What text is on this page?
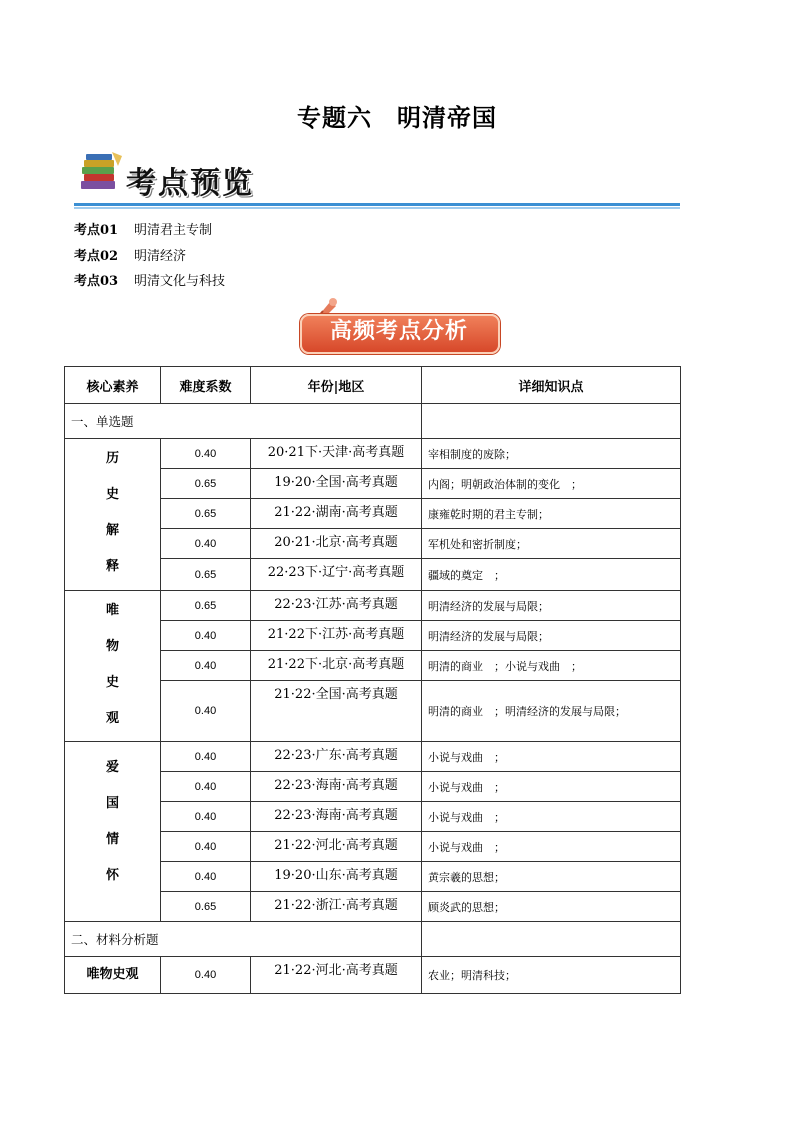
专题六　明清帝国
考点预览
考点01 明清君主专制
考点02 明清经济
考点03 明清文化与科技
高频考点分析
核心素养	难度系数	年份|地区	详细知识点
一、单选题			

历
史
解
释	0.40	20·21下·天津·高考真题	宰相制度的废除；
	0.65	19·20·全国·高考真题	内阁；明朝政治体制的变化　；
	0.65	21·22·湖南·高考真题	康雍乾时期的君主专制；
	0.40	20·21·北京·高考真题	军机处和密折制度；
	0.65	22·23下·辽宁·高考真题	疆域的奠定　；

唯
物
史
观	0.65	22·23·江苏·高考真题	明清经济的发展与局限；
	0.40	21·22下·江苏·高考真题	明清经济的发展与局限；
	0.40	21·22下·北京·高考真题	明清的商业　；小说与戏曲　；
	0.40	21·22·全国·高考真题	明清的商业　；明清经济的发展与局限；

爱
国
情
怀	0.40	22·23·广东·高考真题	小说与戏曲　；
	0.40	22·23·海南·高考真题	小说与戏曲　；
	0.40	22·23·海南·高考真题	小说与戏曲　；
	0.40	21·22·河北·高考真题	小说与戏曲　；
	0.40	19·20·山东·高考真题	黄宗羲的思想；
	0.65	21·22·浙江·高考真题	顾炎武的思想；
二、材料分析题			
唯物史观	0.40	21·22·河北·高考真题	农业；明清科技；
